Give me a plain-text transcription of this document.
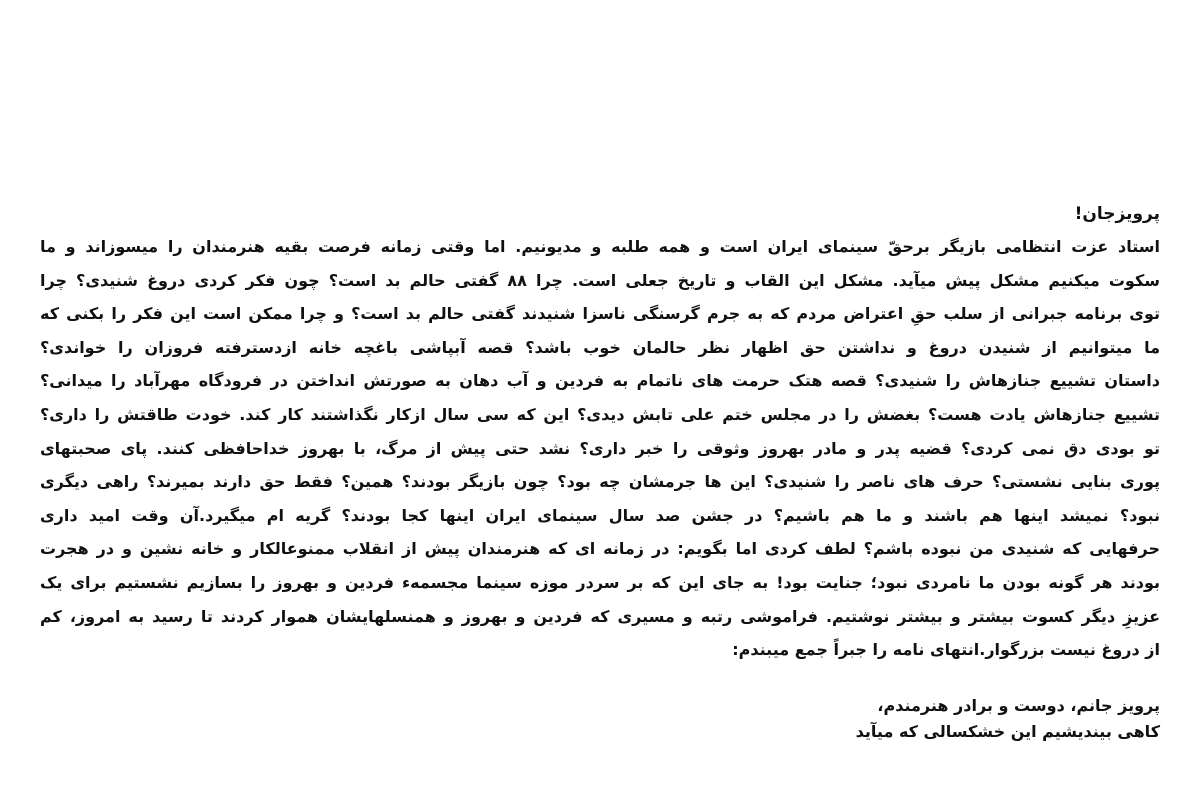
پرویزجان!

استاد عزت انتظامی بازیگر برحقّ سینمای ایران است و همه طلبه و مدیونیم. اما وقتی زمانه فرصت بقیه هنرمندان را میسوزاند و ما
سکوت میکنیم مشکل پیش میآید. مشکل این القاب و تاریخ جعلی است. چرا ۸۸ گفتی حالم بد است؟ چون فکر کردی دروغ شنیدی؟ چرا
توی برنامه جبرانی از سلب حقِ اعتراض مردم که به جرم گرسنگی ناسزا شنیدند گفتی حالم بد است؟ و چرا ممکن است این فکر را بکنی که
ما میتوانیم از شنیدن دروغ و نداشتن حق اظهار نظر حالمان خوب باشد؟ قصه آبپاشی باغچه خانه ازدسترفته فروزان را خواندی؟
داستان تشییع جنازهاش را شنیدی؟ قصه هتک حرمت های ناتمام به فردین و آب دهان به صورتش انداختن در فرودگاه مهرآباد را میدانی؟
تشییع جنازهاش یادت هست؟ بغضش را در مجلس ختم علی تابش دیدی؟ این که سی سال ازکار نگذاشتند کار کند. خودت طاقتش را داری؟
تو بودی دق نمی کردی؟ قضیه پدر و مادر بهروز وثوقی را خبر داری؟ نشد حتی پیش از مرگ، با بهروز خداحافظی کنند. پای صحبتهای
پوری بنایی نشستی؟ حرف های ناصر را شنیدی؟ این ها جرمشان چه بود؟ چون بازیگر بودند؟ همین؟ فقط حق دارند بمیرند؟ راهی دیگری
نبود؟ نمیشد اینها هم باشند و ما هم باشیم؟ در جشن صد سال سینمای ایران اینها کجا بودند؟ گریه ام میگیرد.آن وقت امید داری
حرفهایی که شنیدی من نبوده باشم؟ لطف کردی اما بگویم: در زمانه ای که هنرمندان پیش از انقلاب ممنوعالکار و خانه نشین و در هجرت
بودند هر گونه بودن ما نامردی نبود؛ جنایت بود! به جای این که بر سردر موزه سینما مجسمهء فردین و بهروز را بسازیم نشستیم برای یک
عزیزِ دیگر کسوت بیشتر و بیشتر نوشتیم. فراموشی رتبه و مسیری که فردین و بهروز و همنسلهایشان هموار کردند تا رسید به امروز، کم
از دروغ نیست بزرگوار.انتهای نامه را جبراً جمع میبندم:
پرویز جانم، دوست و برادر هنرمندم،
کاهی بیندیشیم این خشکسالی که میآید
